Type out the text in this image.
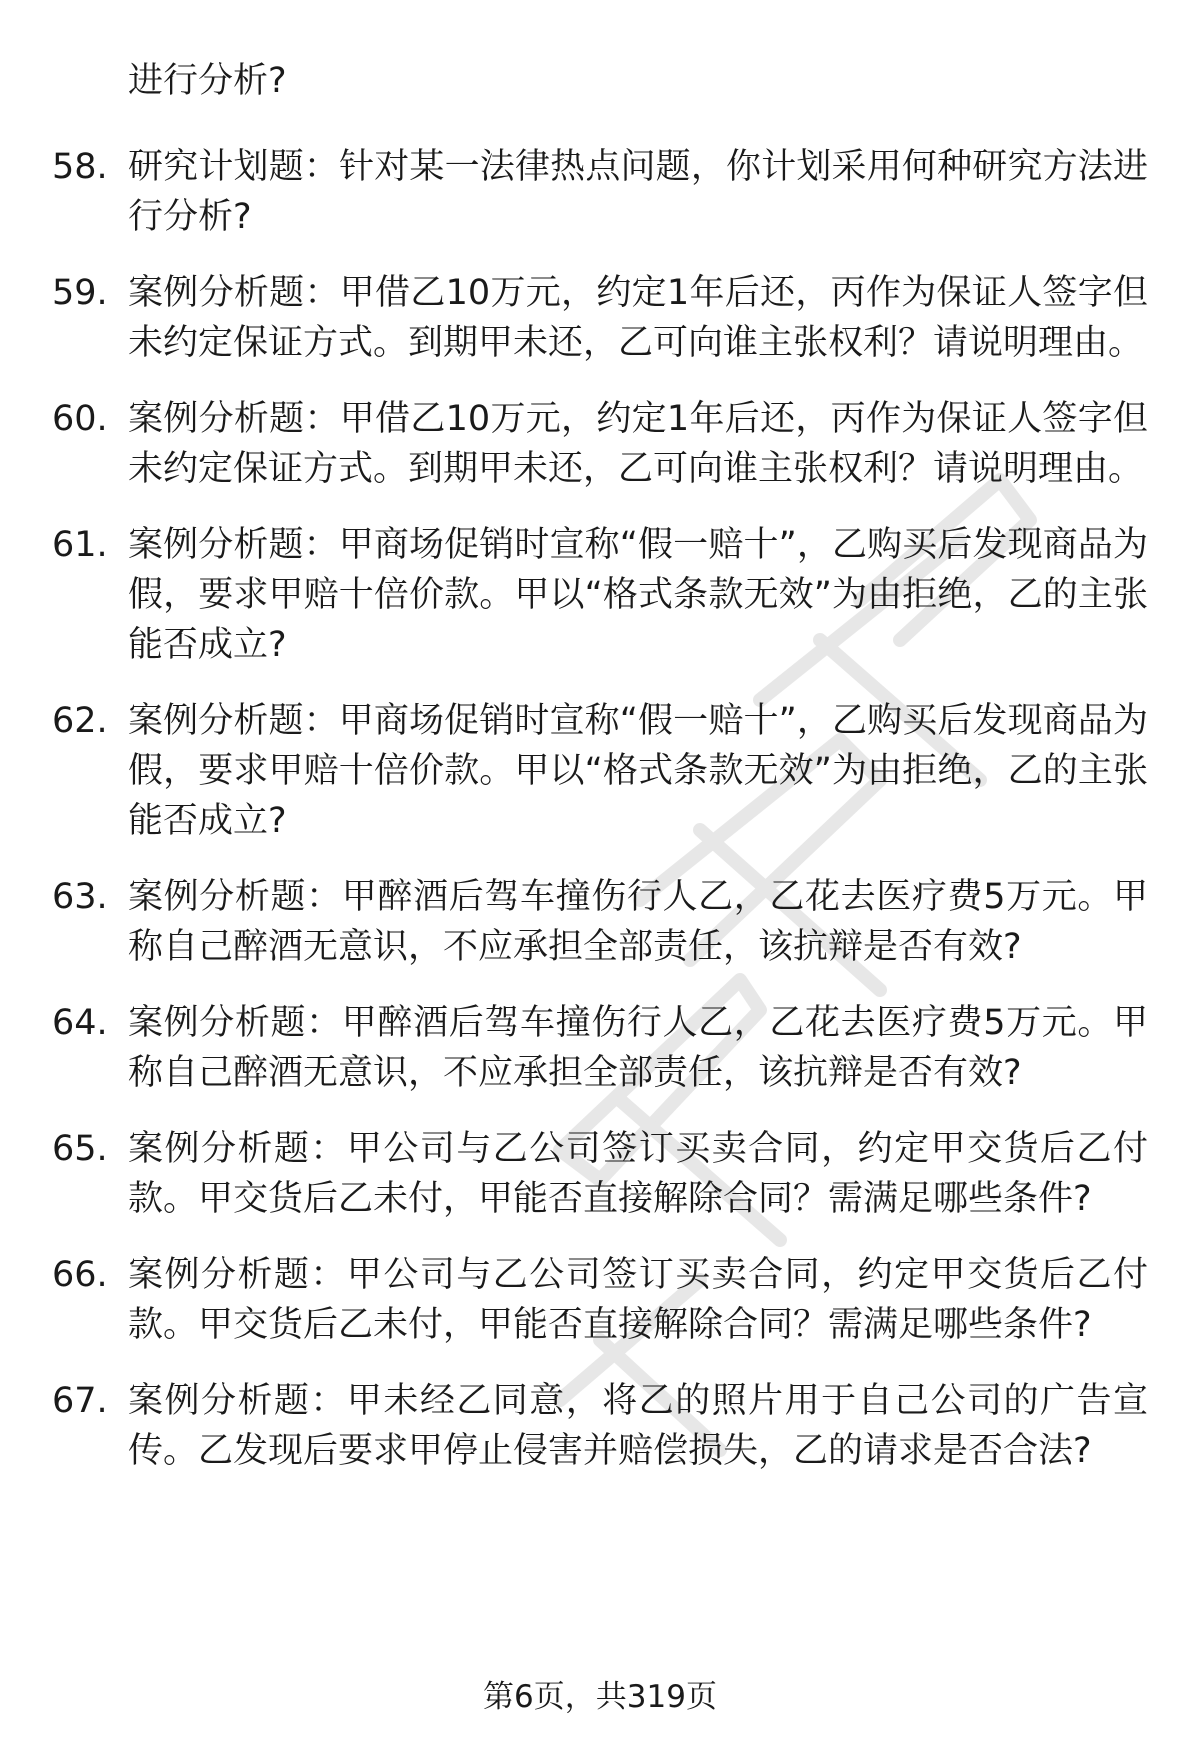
进行分析?
58. 研究计划题：针对某一法律热点问题，你计划采用何种研究方法进行分析?
59. 案例分析题：甲借乙10万元，约定1年后还，丙作为保证人签字但未约定保证方式。到期甲未还，乙可向谁主张权利？请说明理由。
60. 案例分析题：甲借乙10万元，约定1年后还，丙作为保证人签字但未约定保证方式。到期甲未还，乙可向谁主张权利？请说明理由。
61. 案例分析题：甲商场促销时宣称“假一赔十”，乙购买后发现商品为假，要求甲赔十倍价款。甲以“格式条款无效”为由拒绝，乙的主张能否成立?
62. 案例分析题：甲商场促销时宣称“假一赔十”，乙购买后发现商品为假，要求甲赔十倍价款。甲以“格式条款无效”为由拒绝，乙的主张能否成立?
63. 案例分析题：甲醉酒后驾车撞伤行人乙，乙花去医疗费5万元。甲称自己醉酒无意识，不应承担全部责任，该抗辩是否有效?
64. 案例分析题：甲醉酒后驾车撞伤行人乙，乙花去医疗费5万元。甲称自己醉酒无意识，不应承担全部责任，该抗辩是否有效?
65. 案例分析题：甲公司与乙公司签订买卖合同，约定甲交货后乙付款。甲交货后乙未付，甲能否直接解除合同？需满足哪些条件?
66. 案例分析题：甲公司与乙公司签订买卖合同，约定甲交货后乙付款。甲交货后乙未付，甲能否直接解除合同？需满足哪些条件?
67. 案例分析题：甲未经乙同意，将乙的照片用于自己公司的广告宣传。乙发现后要求甲停止侵害并赔偿损失，乙的请求是否合法?
第6页，共319页
